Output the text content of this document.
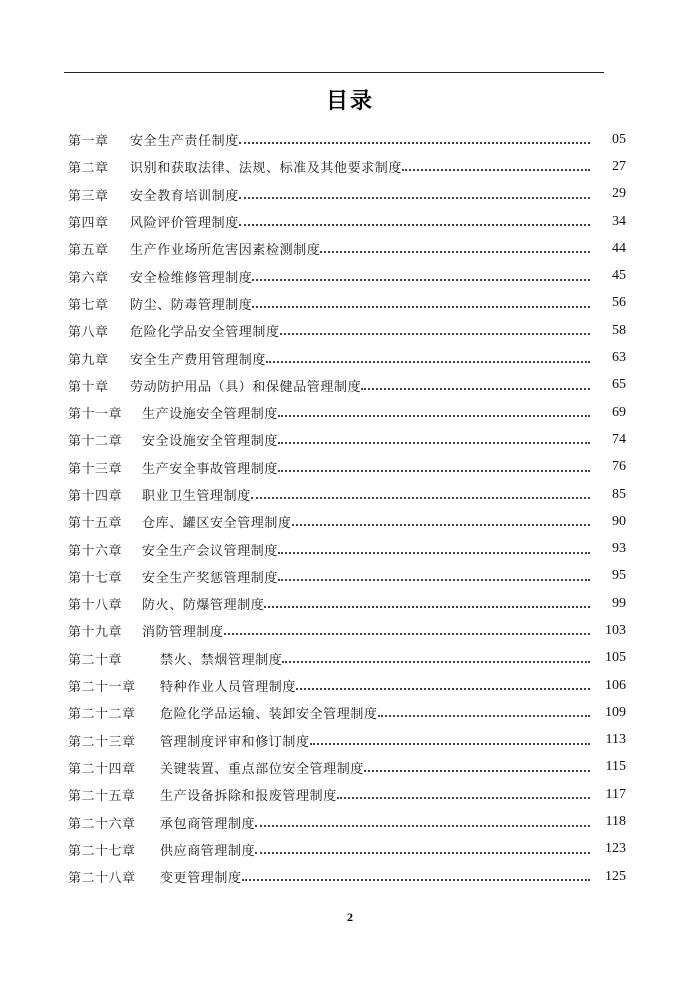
目录
第一章	安全生产责任制度	05
第二章	识别和获取法律、法规、标准及其他要求制度	27
第三章	安全教育培训制度	29
第四章	风险评价管理制度	34
第五章	生产作业场所危害因素检测制度	44
第六章	安全检维修管理制度	45
第七章	防尘、防毒管理制度	56
第八章	危险化学品安全管理制度	58
第九章	安全生产费用管理制度	63
第十章	劳动防护用品（具）和保健品管理制度	65
第十一章	生产设施安全管理制度	69
第十二章	安全设施安全管理制度	74
第十三章	生产安全事故管理制度	76
第十四章	职业卫生管理制度	85
第十五章	仓库、罐区安全管理制度	90
第十六章	安全生产会议管理制度	93
第十七章	安全生产奖惩管理制度	95
第十八章	防火、防爆管理制度	99
第十九章	消防管理制度	103
第二十章	禁火、禁烟管理制度	105
第二十一章	特种作业人员管理制度	106
第二十二章	危险化学品运输、装卸安全管理制度	109
第二十三章	管理制度评审和修订制度	113
第二十四章	关键装置、重点部位安全管理制度	115
第二十五章	生产设备拆除和报废管理制度	117
第二十六章	承包商管理制度	118
第二十七章	供应商管理制度	123
第二十八章	变更管理制度	125
2
